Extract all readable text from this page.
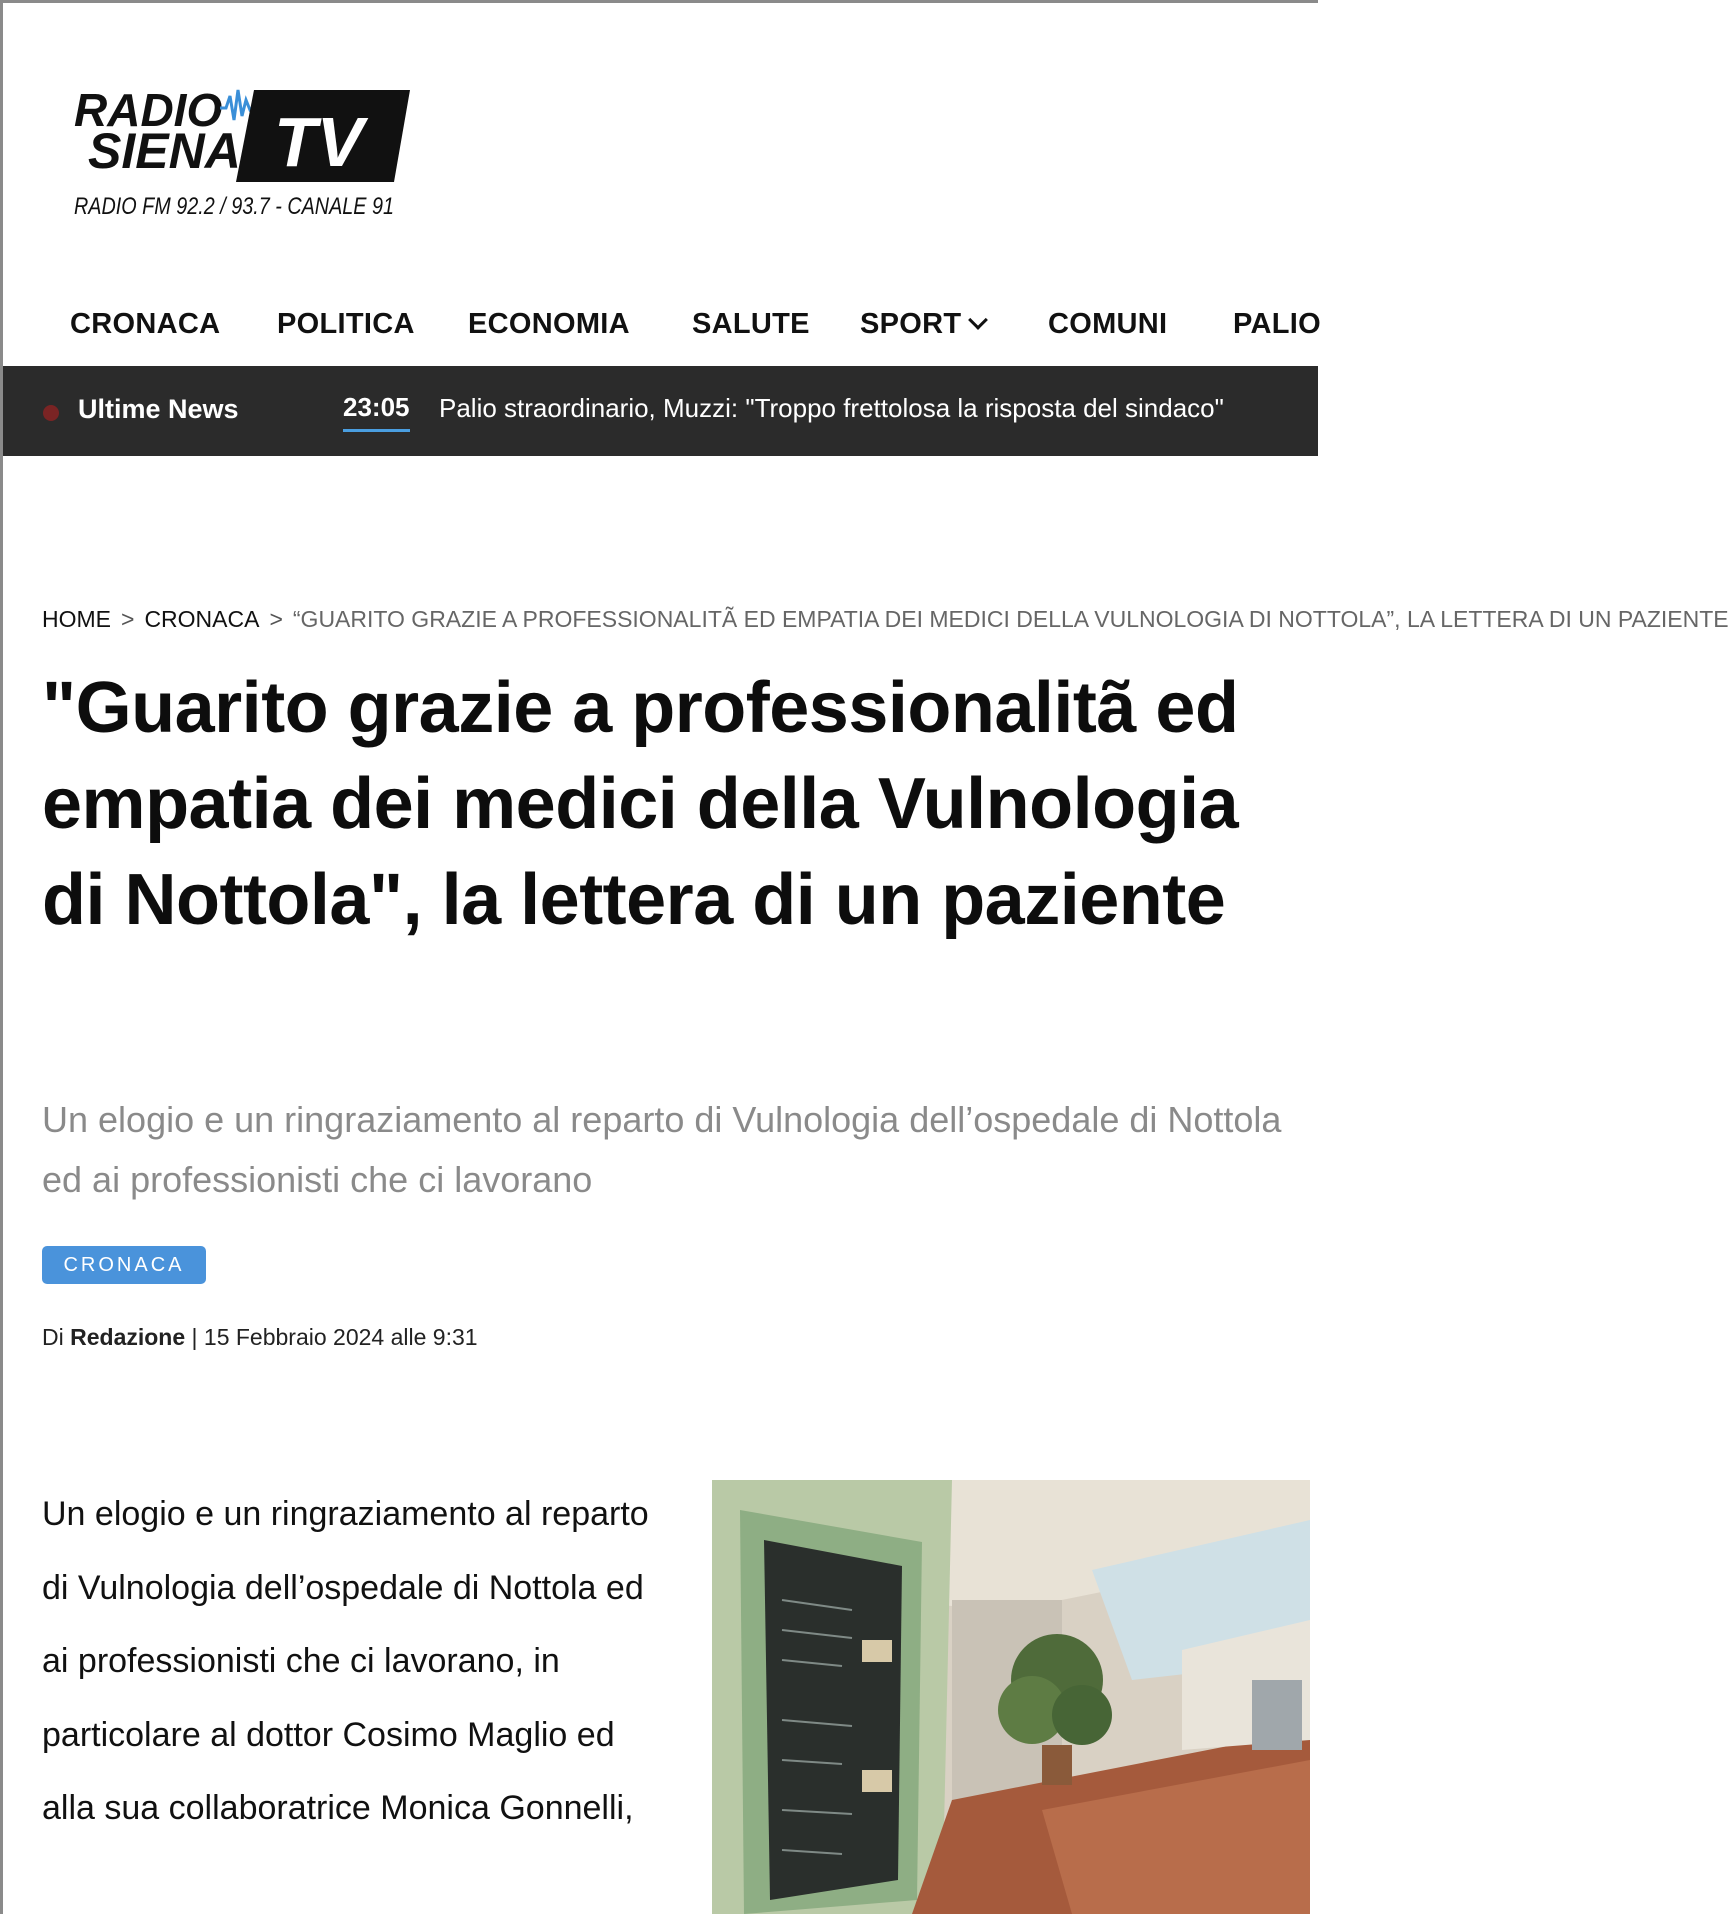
RADIO
SIENA TV
RADIO FM 92.2 / 93.7 - CANALE 91
CRONACA POLITICA ECONOMIA SALUTE SPORT	COMUNI PALIO
Ultime News	23:05 Palio straordinario, Muzzi: "Troppo frettolosa la risposta del sindaco"
HOME > CRONACA > “GUARITO GRAZIE A PROFESSIONALITÃ ED EMPATIA DEI MEDICI DELLA VULNOLOGIA DI NOTTOLA”, LA LETTERA DI UN PAZIENTE
"Guarito grazie a professionalitã ed empatia dei medici della Vulnologia di Nottola", la lettera di un paziente

Un elogio e un ringraziamento al reparto di Vulnologia dell’ospedale di Nottola ed ai professionisti che ci lavorano

CRONACA
Di Redazione | 15 Febbraio 2024 alle 9:31

Un elogio e un ringraziamento al reparto di Vulnologia dell’ospedale di Nottola ed ai professionisti che ci lavorano, in particolare al dottor Cosimo Maglio ed alla sua collaboratrice Monica Gonnelli,
